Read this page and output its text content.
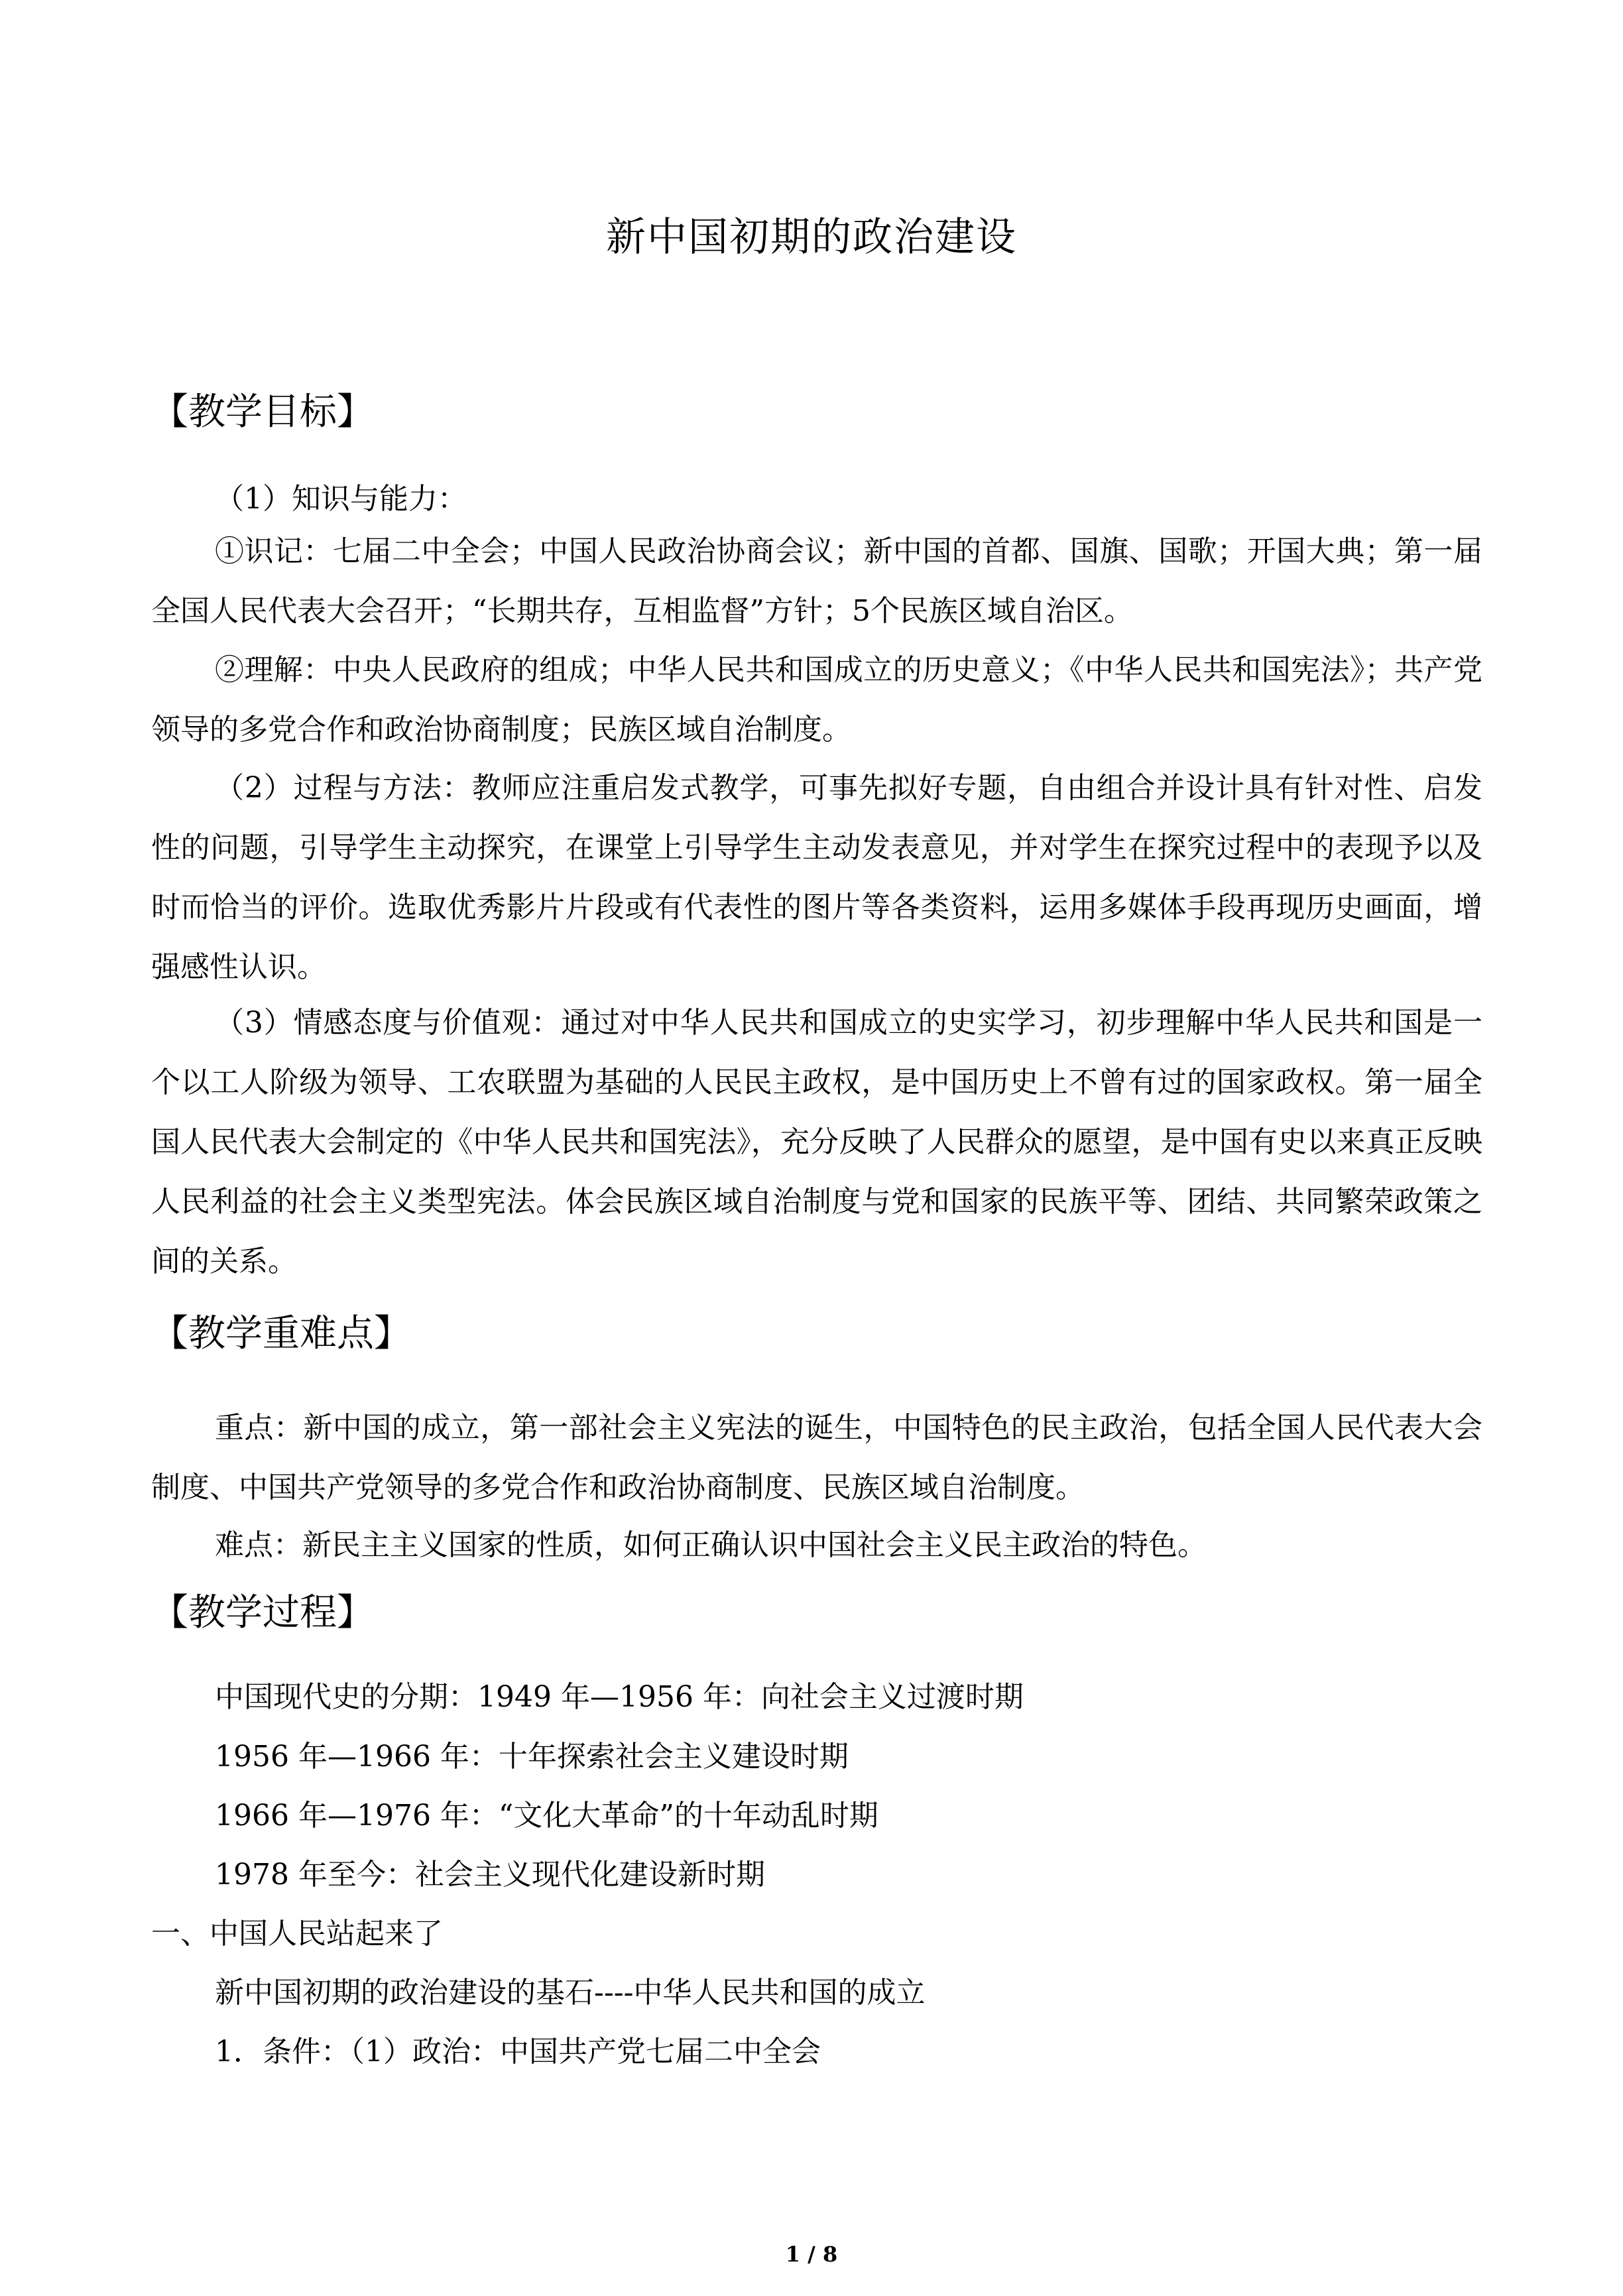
新中国初期的政治建设
【教学目标】
（1）知识与能力：

①识记：七届二中全会；中国人民政治协商会议；新中国的首都、国旗、国歌；开国大典；第一届全国人民代表大会召开；“长期共存，互相监督”方针；5个民族区域自治区。

②理解：中央人民政府的组成；中华人民共和国成立的历史意义；《中华人民共和国宪法》；共产党领导的多党合作和政治协商制度；民族区域自治制度。

（2）过程与方法：教师应注重启发式教学，可事先拟好专题，自由组合并设计具有针对性、启发性的问题，引导学生主动探究，在课堂上引导学生主动发表意见，并对学生在探究过程中的表现予以及时而恰当的评价。选取优秀影片片段或有代表性的图片等各类资料，运用多媒体手段再现历史画面，增强感性认识。

（3）情感态度与价值观：通过对中华人民共和国成立的史实学习，初步理解中华人民共和国是一个以工人阶级为领导、工农联盟为基础的人民民主政权，是中国历史上不曾有过的国家政权。第一届全国人民代表大会制定的《中华人民共和国宪法》，充分反映了人民群众的愿望，是中国有史以来真正反映人民利益的社会主义类型宪法。体会民族区域自治制度与党和国家的民族平等、团结、共同繁荣政策之间的关系。

【教学重难点】

重点：新中国的成立，第一部社会主义宪法的诞生，中国特色的民主政治，包括全国人民代表大会制度、中国共产党领导的多党合作和政治协商制度、民族区域自治制度。

难点：新民主主义国家的性质，如何正确认识中国社会主义民主政治的特色。

【教学过程】
中国现代史的分期：1949 年—1956 年：向社会主义过渡时期
1956 年—1966 年：十年探索社会主义建设时期
1966 年—1976 年：“文化大革命”的十年动乱时期
1978 年至今：社会主义现代化建设新时期
一、中国人民站起来了
新中国初期的政治建设的基石----中华人民共和国的成立
1．条件：（1）政治：中国共产党七届二中全会
1 / 8
